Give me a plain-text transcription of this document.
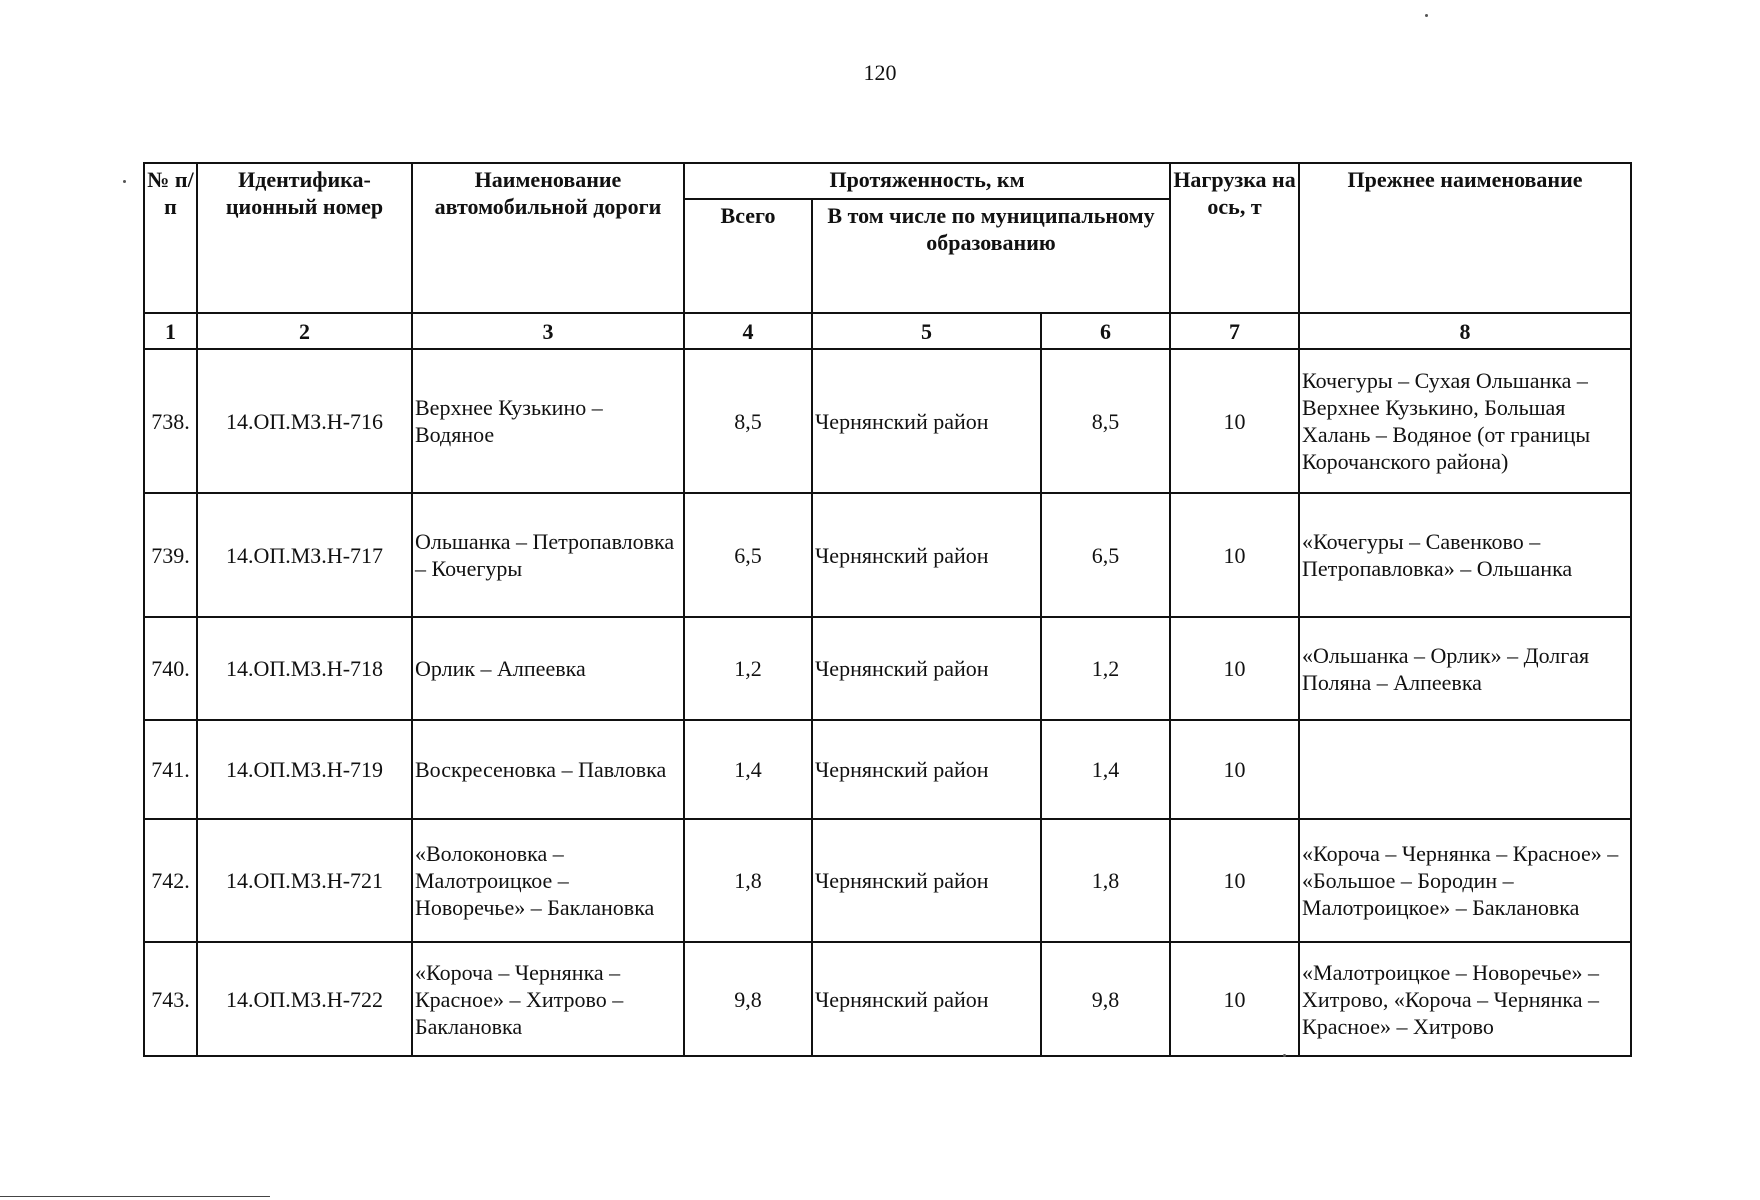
120
№ п/п	Идентифика-ционный номер	Наименование автомобильной дороги	Протяженность, км			Нагрузка на ось, т	Прежнее наименование
			Всего	В том числе по муниципальному образованию			
1	2	3	4	5	6	7	8
738.	14.ОП.МЗ.Н-716	Верхнее Кузькино – Водяное	8,5	Чернянский район	8,5	10	Кочегуры – Сухая Ольшанка – Верхнее Кузькино, Большая Халань – Водяное (от границы Корочанского района)
739.	14.ОП.МЗ.Н-717	Ольшанка – Петропавловка – Кочегуры	6,5	Чернянский район	6,5	10	«Кочегуры – Савенково – Петропавловка» – Ольшанка
740.	14.ОП.МЗ.Н-718	Орлик – Алпеевка	1,2	Чернянский район	1,2	10	«Ольшанка – Орлик» – Долгая Поляна – Алпеевка
741.	14.ОП.МЗ.Н-719	Воскресеновка – Павловка	1,4	Чернянский район	1,4	10	
742.	14.ОП.МЗ.Н-721	«Волоконовка – Малотроицкое – Новоречье» – Баклановка	1,8	Чернянский район	1,8	10	«Короча – Чернянка – Красное» – «Большое – Бородин – Малотроицкое» – Баклановка
743.	14.ОП.МЗ.Н-722	«Короча – Чернянка – Красное» – Хитрово – Баклановка	9,8	Чернянский район	9,8	10	«Малотроицкое – Новоречье» – Хитрово, «Короча – Чернянка – Красное» – Хитрово
